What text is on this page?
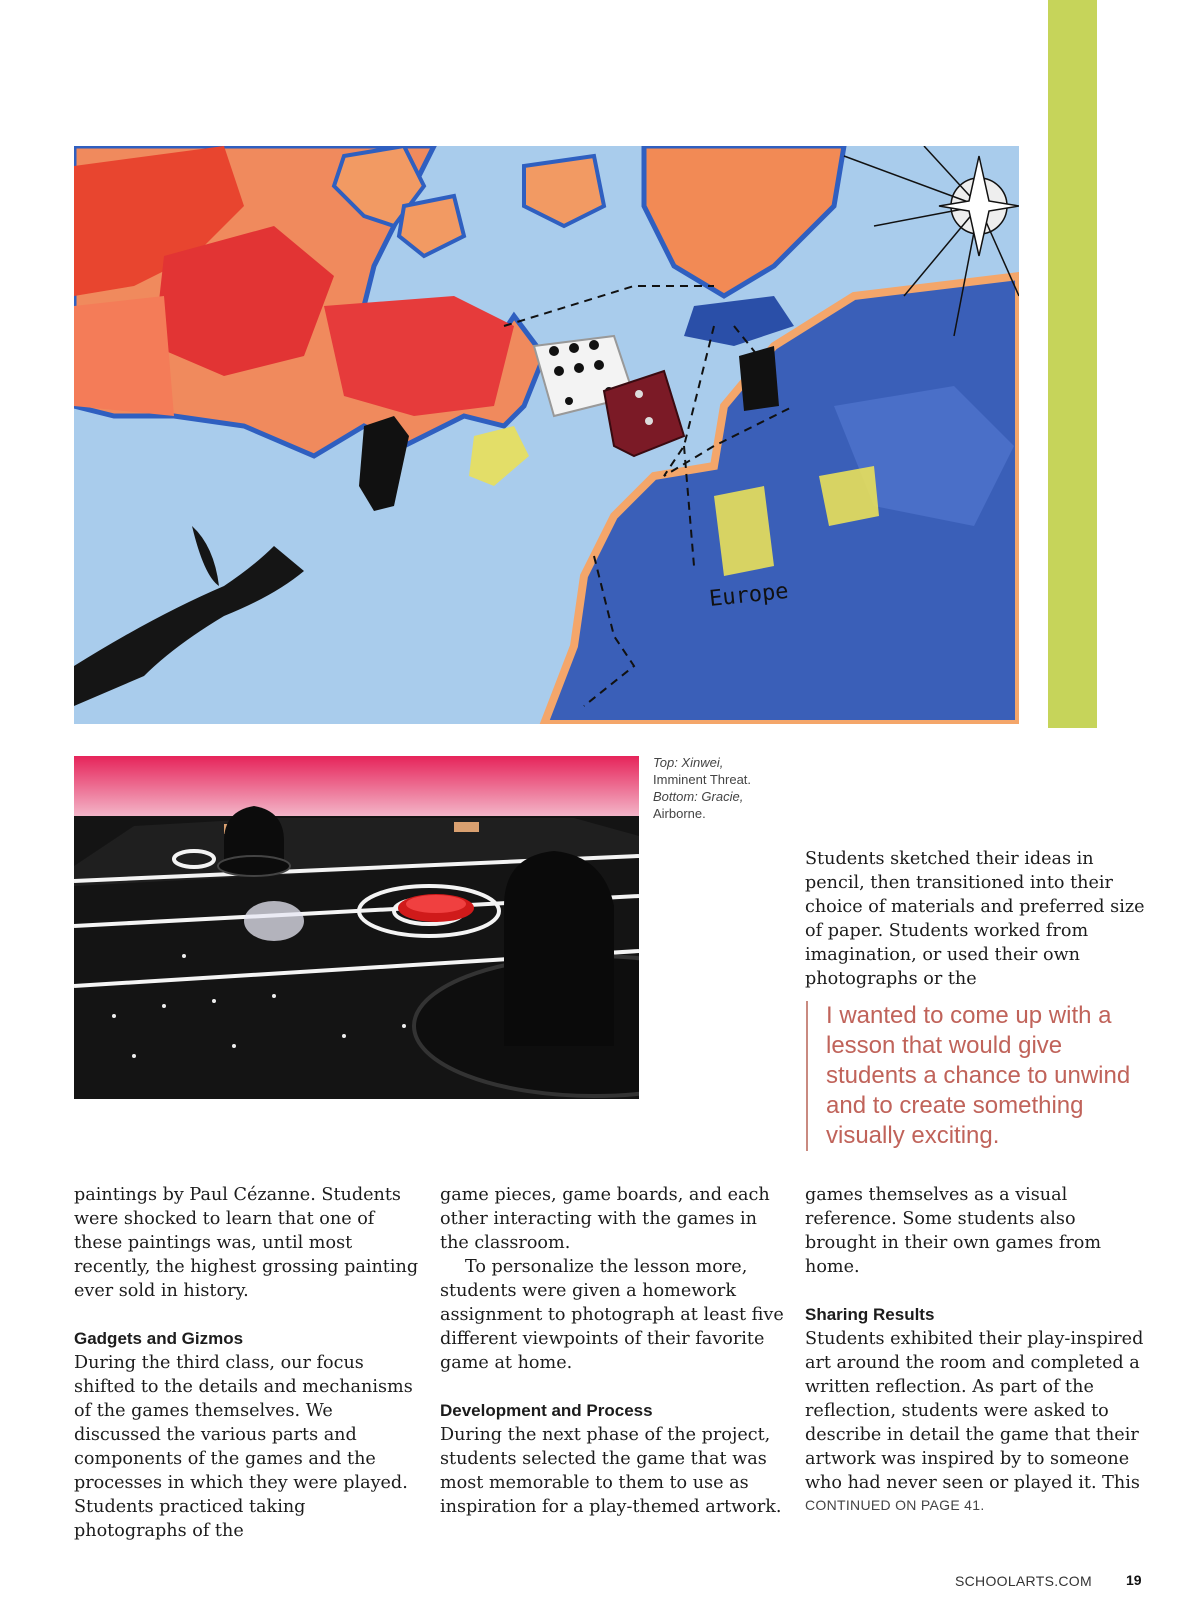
Europe
Top: Xinwei,
Imminent Threat.
Bottom: Gracie,
Airborne.

Students sketched their ideas in pencil, then transitioned into their choice of materials and preferred size of paper. Students worked from imagination, or used their own photographs or the

I wanted to come up with a lesson that would give students a chance to unwind and to create something visually exciting.

paintings by Paul Cézanne. Students were shocked to learn that one of these paintings was, until most recently, the highest grossing painting ever sold in history.

Gadgets and Gizmos

During the third class, our focus shifted to the details and mechanisms of the games themselves. We discussed the various parts and components of the games and the processes in which they were played. Students practiced taking photographs of the

game pieces, game boards, and each other interacting with the games in the classroom.

To personalize the lesson more, students were given a homework assignment to photograph at least five different viewpoints of their favorite game at home.

Development and Process

During the next phase of the project, students selected the game that was most memorable to them to use as inspiration for a play-themed artwork.

games themselves as a visual reference. Some students also brought in their own games from home.

Sharing Results

Students exhibited their play-inspired art around the room and completed a written reflection. As part of the reflection, students were asked to describe in detail the game that their artwork was inspired by to someone who had never seen or played it. This

CONTINUED ON PAGE 41.
SCHOOLARTS.COM 19
